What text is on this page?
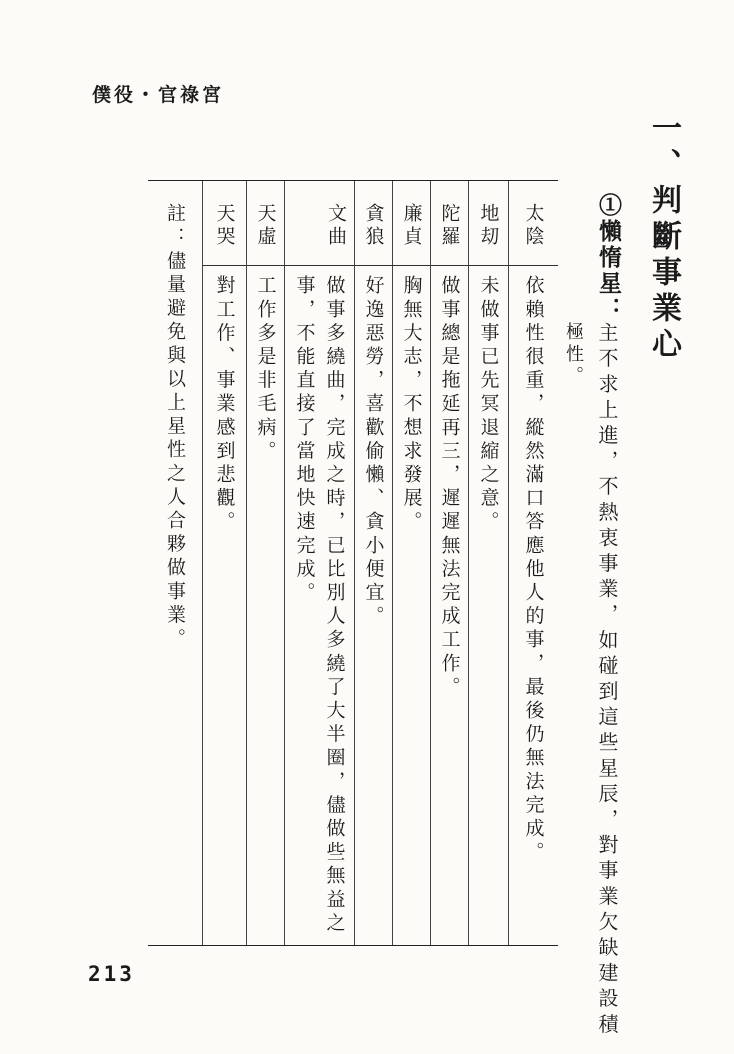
僕役・官祿宮
213
一、判斷事業心
①懶惰星：
主不求上進，不熱衷事業，如碰到這些星辰，對事業欠缺建設積
極性。
太陰
依賴性很重，縱然滿口答應他人的事，最後仍無法完成。
地刧
未做事已先冥退縮之意。
陀羅
做事總是拖延再三，遲遲無法完成工作。
廉貞
胸無大志，不想求發展。
貪狼
好逸惡勞，喜歡偷懶、貪小便宜。
文曲
做事多繞曲，完成之時，已比別人多繞了大半圈，儘做些無益之
事，不能直接了當地快速完成。
天虛
工作多是非毛病。
天哭
對工作、事業感到悲觀。
註：儘量避免與以上星性之人合夥做事業。
